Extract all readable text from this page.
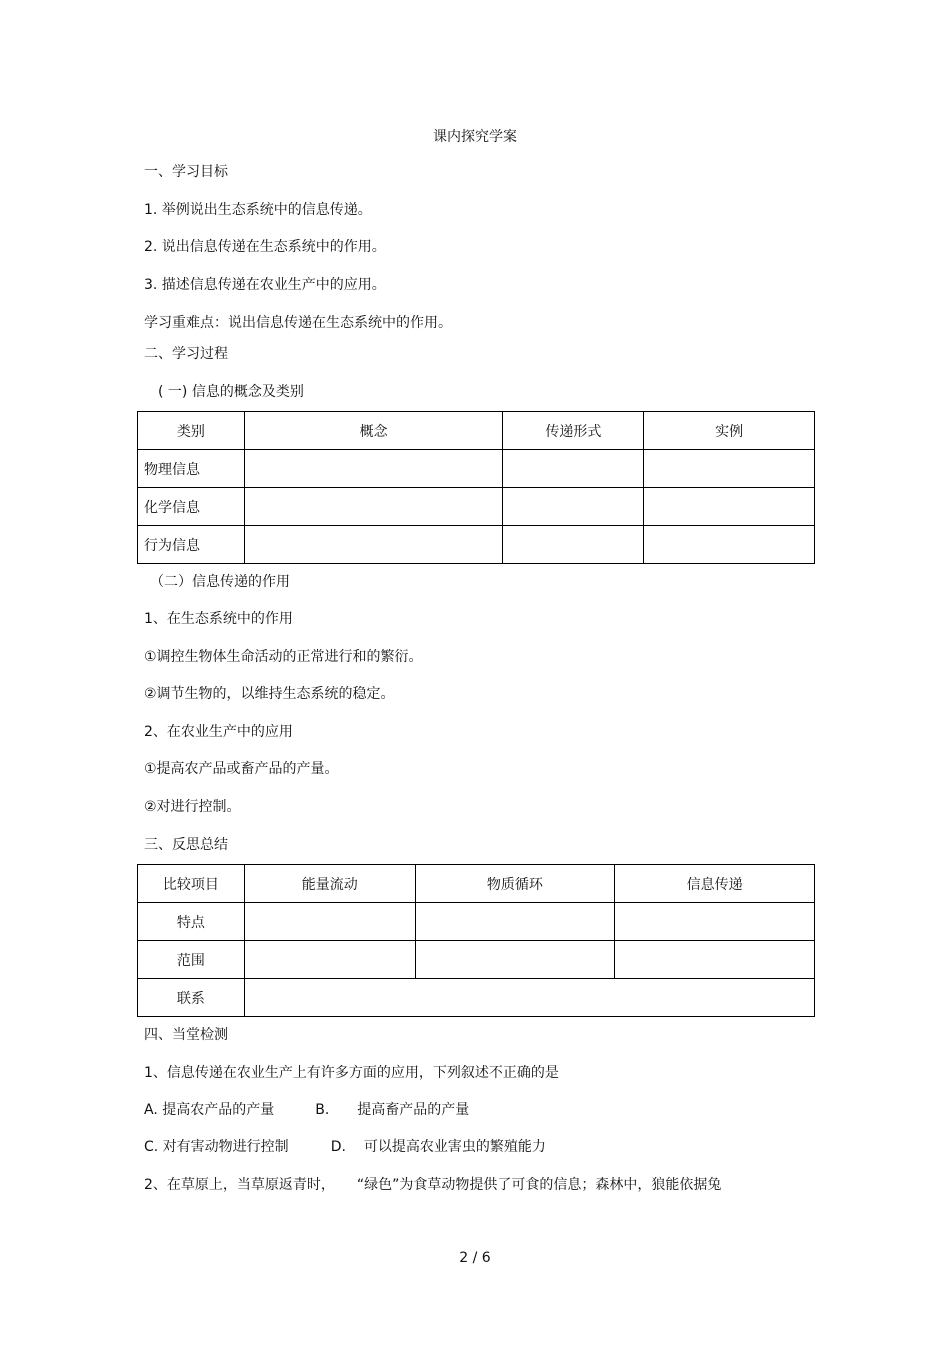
课内探究学案
一、学习目标
1. 举例说出生态系统中的信息传递。
2. 说出信息传递在生态系统中的作用。
3. 描述信息传递在农业生产中的应用。
学习重难点：说出信息传递在生态系统中的作用。
二、学习过程
( 一) 信息的概念及类别
类别	概念	传递形式	实例
物理信息			
化学信息			
行为信息			
（二）信息传递的作用
1、在生态系统中的作用
①调控生物体生命活动的正常进行和的繁衍。
②调节生物的，以维持生态系统的稳定。
2、在农业生产中的应用
①提高农产品或畜产品的产量。
②对进行控制。
三、反思总结
比较项目	能量流动	物质循环	信息传递
特点			
范围			
联系			
四、当堂检测
1、信息传递在农业生产上有许多方面的应用，下列叙述不正确的是
A. 提高农产品的产量	B. 提高畜产品的产量
C. 对有害动物进行控制	D. 可以提高农业害虫的繁殖能力
2、在草原上，当草原返青时， “绿色”为食草动物提供了可食的信息；森林中，狼能依据兔
2 / 6
